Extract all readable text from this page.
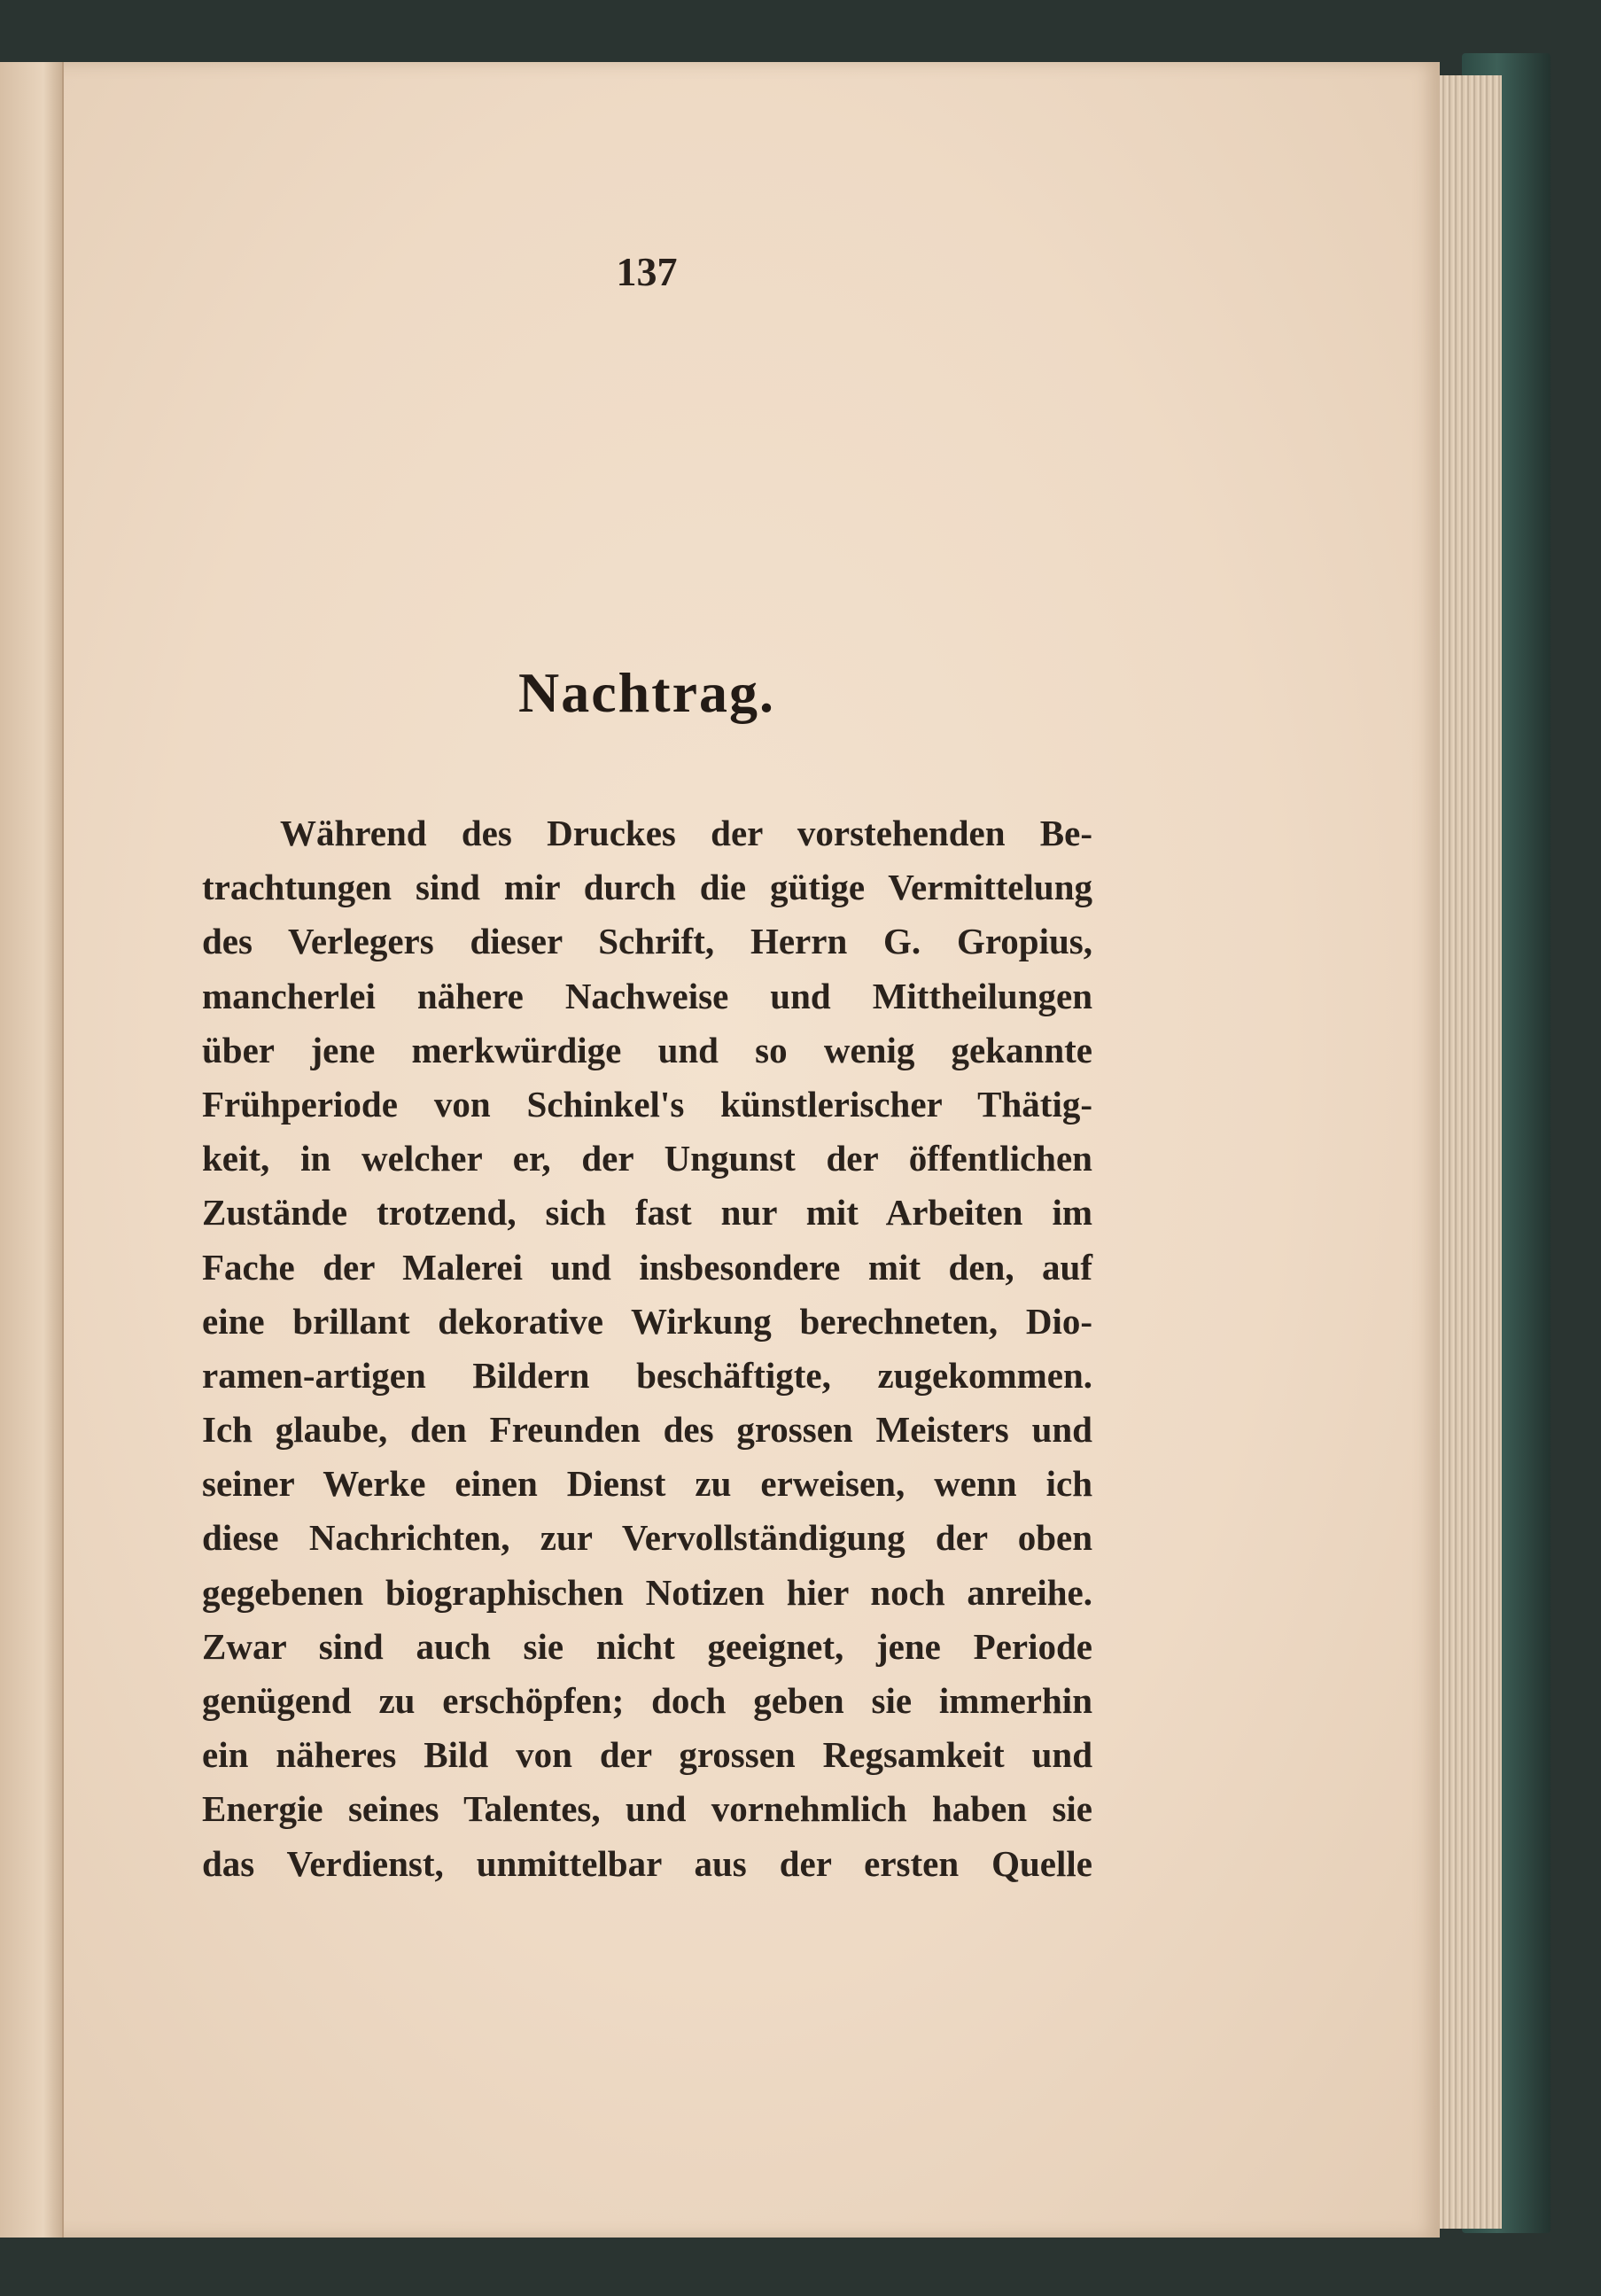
137
Nachtrag.
Während des Druckes der vorstehenden Be-
trachtungen sind mir durch die gütige Vermittelung
des Verlegers dieser Schrift, Herrn G. Gropius,
mancherlei nähere Nachweise und Mittheilungen
über jene merkwürdige und so wenig gekannte
Frühperiode von Schinkel's künstlerischer Thätig-
keit, in welcher er, der Ungunst der öffentlichen
Zustände trotzend, sich fast nur mit Arbeiten im
Fache der Malerei und insbesondere mit den, auf
eine brillant dekorative Wirkung berechneten, Dio-
ramen-artigen Bildern beschäftigte, zugekommen.
Ich glaube, den Freunden des grossen Meisters und
seiner Werke einen Dienst zu erweisen, wenn ich
diese Nachrichten, zur Vervollständigung der oben
gegebenen biographischen Notizen hier noch anreihe.
Zwar sind auch sie nicht geeignet, jene Periode
genügend zu erschöpfen; doch geben sie immerhin
ein näheres Bild von der grossen Regsamkeit und
Energie seines Talentes, und vornehmlich haben sie
das Verdienst, unmittelbar aus der ersten Quelle
